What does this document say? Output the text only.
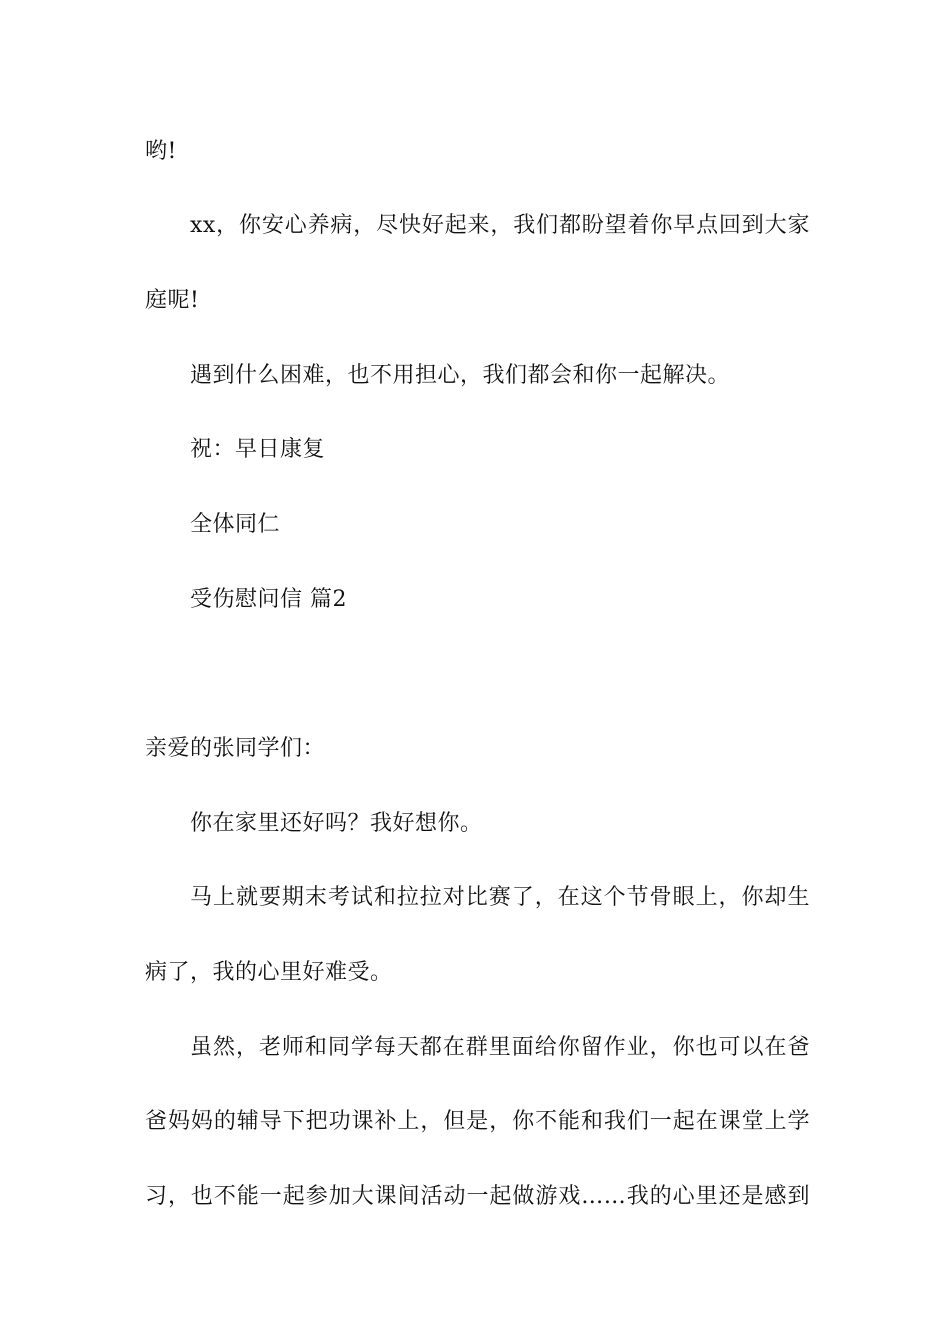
哟!
xx，你安心养病，尽快好起来，我们都盼望着你早点回到大家
庭呢!
遇到什么困难，也不用担心，我们都会和你一起解决。
祝：早日康复
全体同仁
受伤慰问信 篇2
亲爱的张同学们：
你在家里还好吗？我好想你。
马上就要期末考试和拉拉对比赛了，在这个节骨眼上，你却生
病了，我的心里好难受。
虽然，老师和同学每天都在群里面给你留作业，你也可以在爸
爸妈妈的辅导下把功课补上，但是，你不能和我们一起在课堂上学
习，也不能一起参加大课间活动一起做游戏……我的心里还是感到
